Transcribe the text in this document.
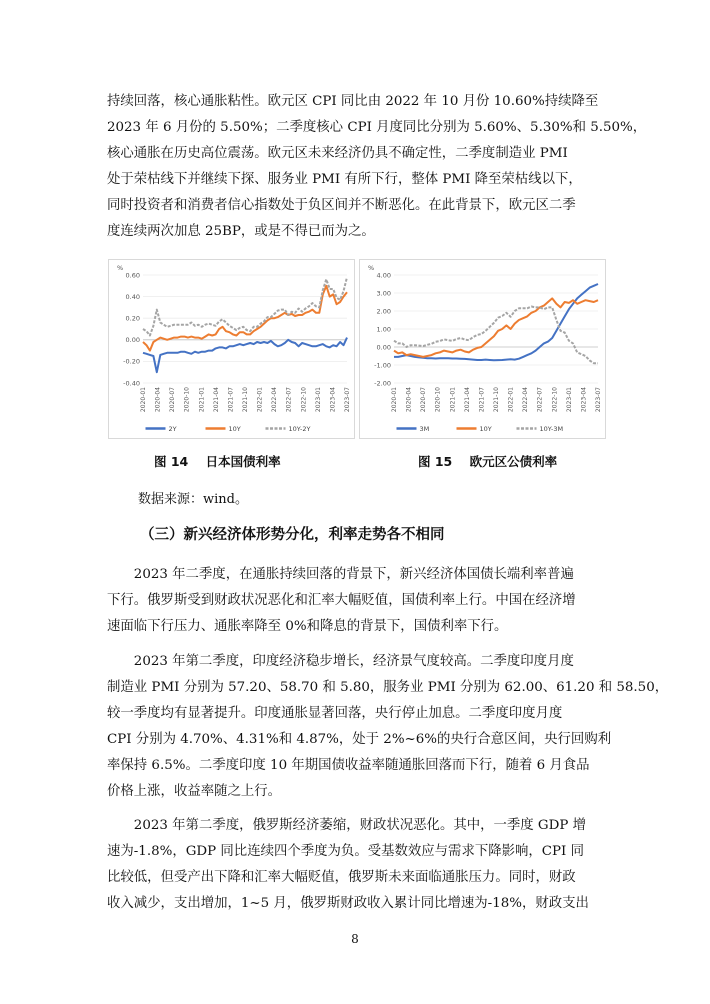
持续回落，核心通胀粘性。欧元区 CPI 同比由 2022 年 10 月份 10.60%持续降至
2023 年 6 月份的 5.50%；二季度核心 CPI 月度同比分别为 5.60%、5.30%和 5.50%，
核心通胀在历史高位震荡。欧元区未来经济仍具不确定性，二季度制造业 PMI
处于荣枯线下并继续下探、服务业 PMI 有所下行，整体 PMI 降至荣枯线以下，
同时投资者和消费者信心指数处于负区间并不断恶化。在此背景下，欧元区二季
度连续两次加息 25BP，或是不得已而为之。
%
0.60
0.40
0.20
0.00
-0.20
-0.40
2020-01 2020-04 2020-07 2020-10 2021-01 2021-04 2021-07 2021-10 2022-01 2022-04 2022-07 2022-10 2023-01 2023-04 2023-07
2Y	10Y	10Y-2Y
%
4.00
3.00
2.00
1.00
0.00
-1.00
-2.00
2020-01 2020-04 2020-07 2020-10 2021-01 2021-04 2021-07 2021-10 2022-01 2022-04 2022-07 2022-10 2023-01 2023-04 2023-07
3M	10Y	10Y-3M
图 14    日本国债利率	图 15    欧元区公债利率
数据来源：wind。
（三）新兴经济体形势分化，利率走势各不相同
2023 年二季度，在通胀持续回落的背景下，新兴经济体国债长端利率普遍
下行。俄罗斯受到财政状况恶化和汇率大幅贬值，国债利率上行。中国在经济增
速面临下行压力、通胀率降至 0%和降息的背景下，国债利率下行。
2023 年第二季度，印度经济稳步增长，经济景气度较高。二季度印度月度
制造业 PMI 分别为 57.20、58.70 和 5.80，服务业 PMI 分别为 62.00、61.20 和 58.50，
较一季度均有显著提升。印度通胀显著回落，央行停止加息。二季度印度月度
CPI 分别为 4.70%、4.31%和 4.87%，处于 2%~6%的央行合意区间，央行回购利
率保持 6.5%。二季度印度 10 年期国债收益率随通胀回落而下行，随着 6 月食品
价格上涨，收益率随之上行。
2023 年第二季度，俄罗斯经济萎缩，财政状况恶化。其中，一季度 GDP 增
速为-1.8%，GDP 同比连续四个季度为负。受基数效应与需求下降影响，CPI 同
比较低，但受产出下降和汇率大幅贬值，俄罗斯未来面临通胀压力。同时，财政
收入减少，支出增加，1~5 月，俄罗斯财政收入累计同比增速为-18%，财政支出
8
